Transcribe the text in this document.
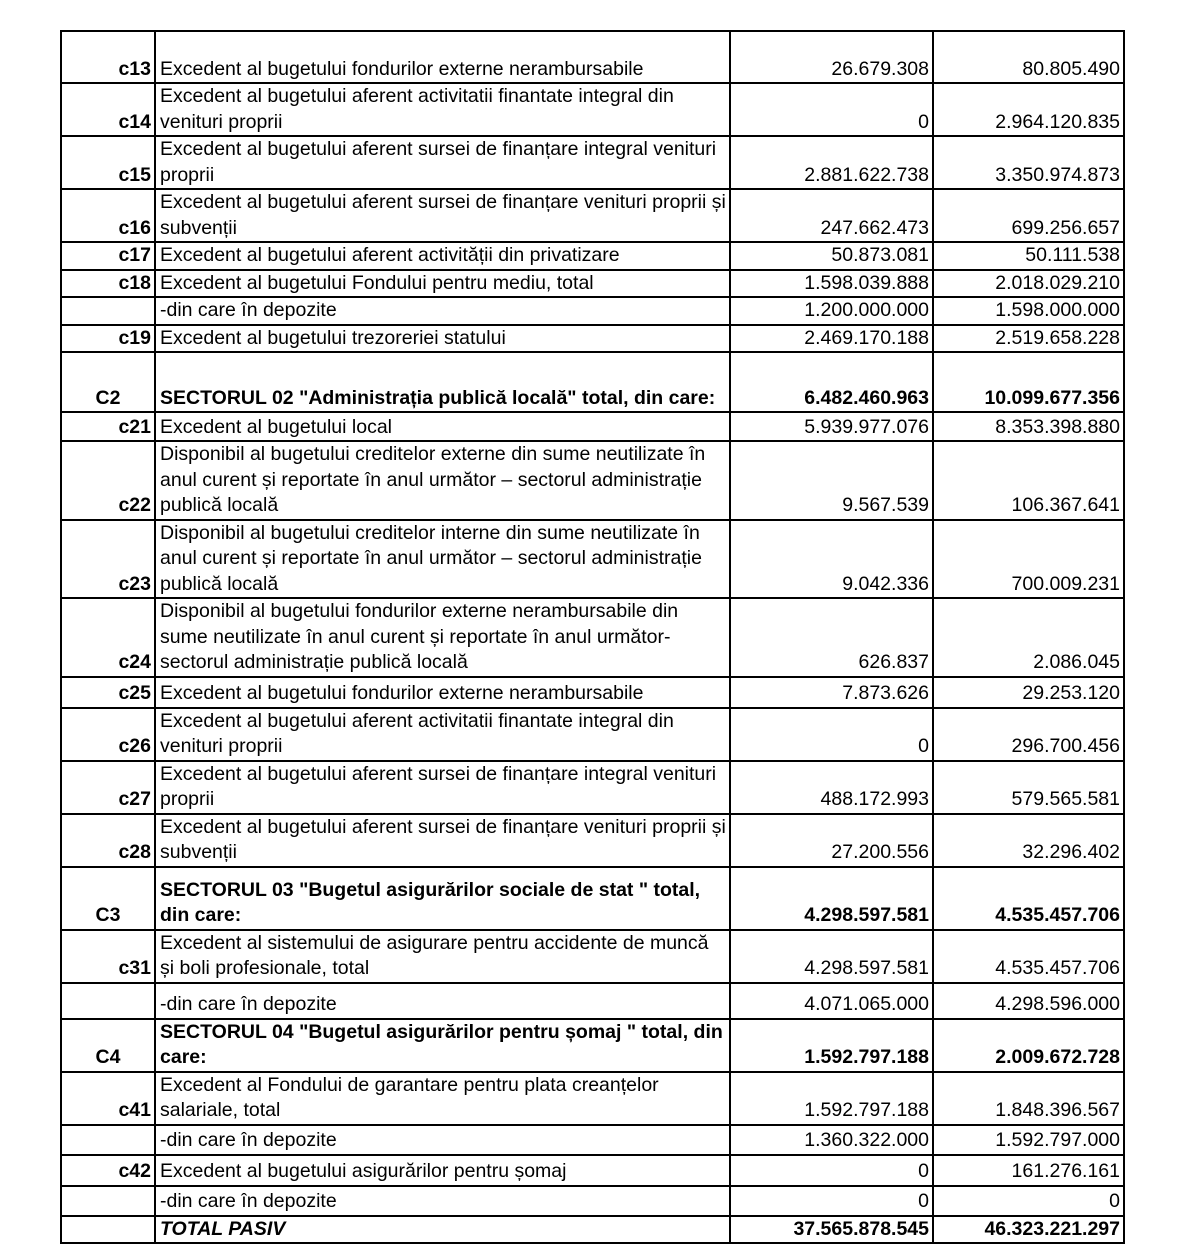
c13	Excedent al bugetului fondurilor externe nerambursabile	26.679.308	80.805.490
c14	Excedent al bugetului aferent activitatii finantate integral din venituri proprii	0	2.964.120.835
c15	Excedent al bugetului aferent sursei de finanțare integral venituri proprii	2.881.622.738	3.350.974.873
c16	Excedent al bugetului aferent sursei de finanțare venituri proprii și subvenții	247.662.473	699.256.657
c17	Excedent al bugetului aferent activității din privatizare	50.873.081	50.111.538
c18	Excedent al bugetului Fondului pentru mediu, total	1.598.039.888	2.018.029.210
	-din care în depozite	1.200.000.000	1.598.000.000
c19	Excedent al bugetului trezoreriei statului	2.469.170.188	2.519.658.228
C2	SECTORUL 02 "Administrația publică locală" total, din care:	6.482.460.963	10.099.677.356
c21	Excedent al bugetului local	5.939.977.076	8.353.398.880
c22	Disponibil al bugetului creditelor externe din sume neutilizate în anul curent și reportate în anul următor – sectorul administrație publică locală	9.567.539	106.367.641
c23	Disponibil al bugetului creditelor interne din sume neutilizate în anul curent și reportate în anul următor – sectorul administrație publică locală	9.042.336	700.009.231
c24	Disponibil al bugetului fondurilor externe nerambursabile din sume neutilizate în anul curent și reportate în anul următor- sectorul administrație publică locală	626.837	2.086.045
c25	Excedent al bugetului fondurilor externe nerambursabile	7.873.626	29.253.120
c26	Excedent al bugetului aferent activitatii finantate integral din venituri proprii	0	296.700.456
c27	Excedent al bugetului aferent sursei de finanțare integral venituri proprii	488.172.993	579.565.581
c28	Excedent al bugetului aferent sursei de finanțare venituri proprii și subvenții	27.200.556	32.296.402
C3	SECTORUL 03 "Bugetul asigurărilor sociale de stat " total, din care:	4.298.597.581	4.535.457.706
c31	Excedent al sistemului de asigurare pentru accidente de muncă și boli profesionale, total	4.298.597.581	4.535.457.706
	-din care în depozite	4.071.065.000	4.298.596.000
C4	SECTORUL 04 "Bugetul asigurărilor pentru șomaj " total, din care:	1.592.797.188	2.009.672.728
c41	Excedent al Fondului de garantare pentru plata creanțelor salariale, total	1.592.797.188	1.848.396.567
	-din care în depozite	1.360.322.000	1.592.797.000
c42	Excedent al bugetului asigurărilor pentru șomaj	0	161.276.161
	-din care în depozite	0	0
	TOTAL PASIV	37.565.878.545	46.323.221.297
